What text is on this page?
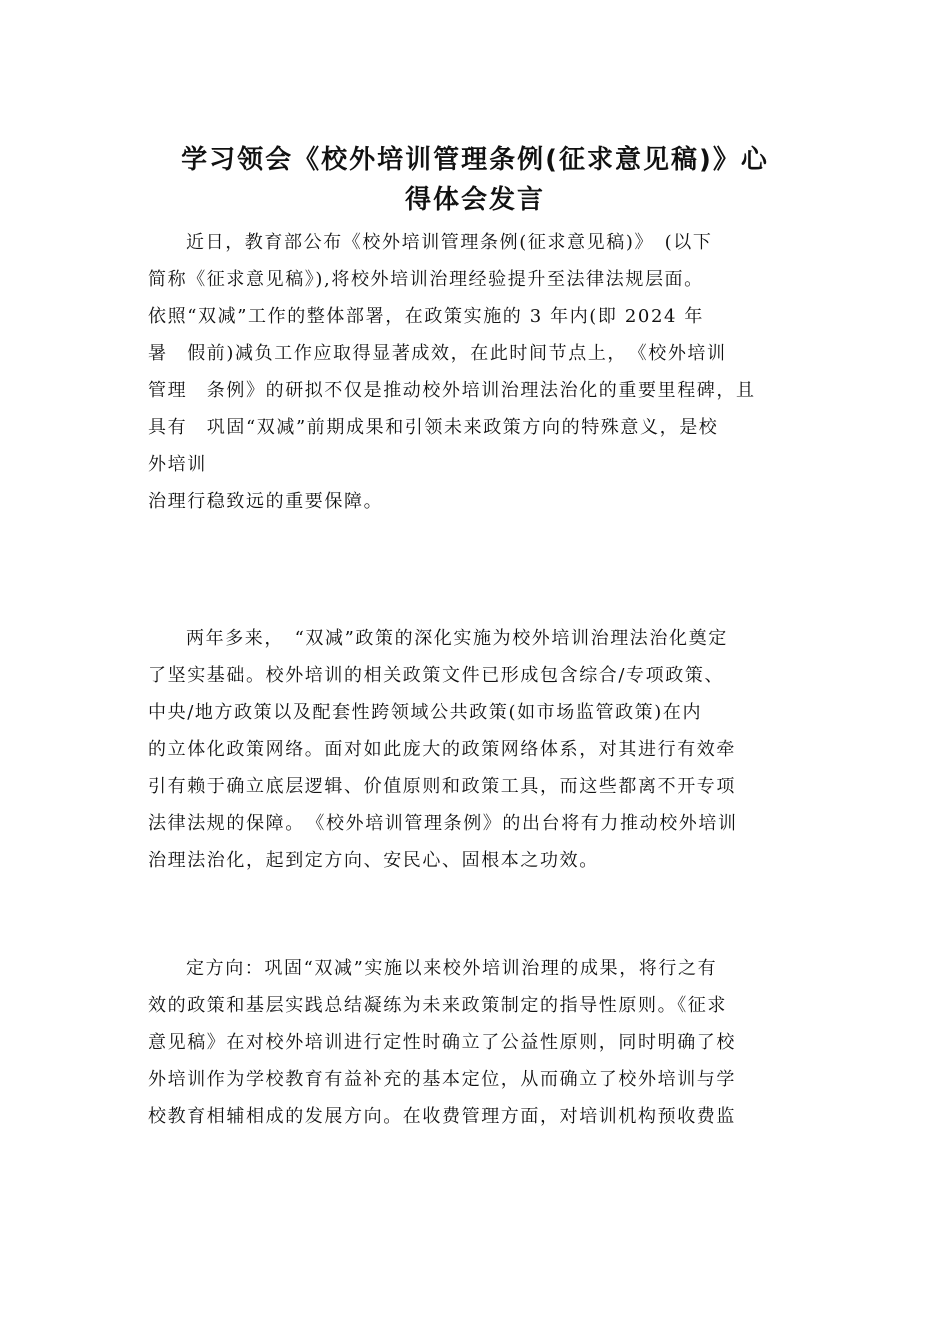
学习领会《校外培训管理条例(征求意见稿)》心
得体会发言

近日，教育部公布《校外培训管理条例(征求意见稿)》　(以下
简称《征求意见稿》),将校外培训治理经验提升至法律法规层面。
依照“双减”工作的整体部署，在政策实施的 3 年内(即 2024 年
暑　假前)减负工作应取得显著成效，在此时间节点上，　《校外培训
管理　条例》的研拟不仅是推动校外培训治理法治化的重要里程碑，且
具有　巩固“双减”前期成果和引领未来政策方向的特殊意义，是校
外培训
治理行稳致远的重要保障。

两年多来，　“双减”政策的深化实施为校外培训治理法治化奠定
了坚实基础。校外培训的相关政策文件已形成包含综合/专项政策、
中央/地方政策以及配套性跨领域公共政策(如市场监管政策)在内
的立体化政策网络。面对如此庞大的政策网络体系，对其进行有效牵
引有赖于确立底层逻辑、价值原则和政策工具，而这些都离不开专项
法律法规的保障。　《校外培训管理条例》的出台将有力推动校外培训
治理法治化，起到定方向、安民心、固根本之功效。

定方向：巩固“双减”实施以来校外培训治理的成果，将行之有
效的政策和基层实践总结凝练为未来政策制定的指导性原则。《征求
意见稿》在对校外培训进行定性时确立了公益性原则，同时明确了校
外培训作为学校教育有益补充的基本定位，从而确立了校外培训与学
校教育相辅相成的发展方向。在收费管理方面，对培训机构预收费监
